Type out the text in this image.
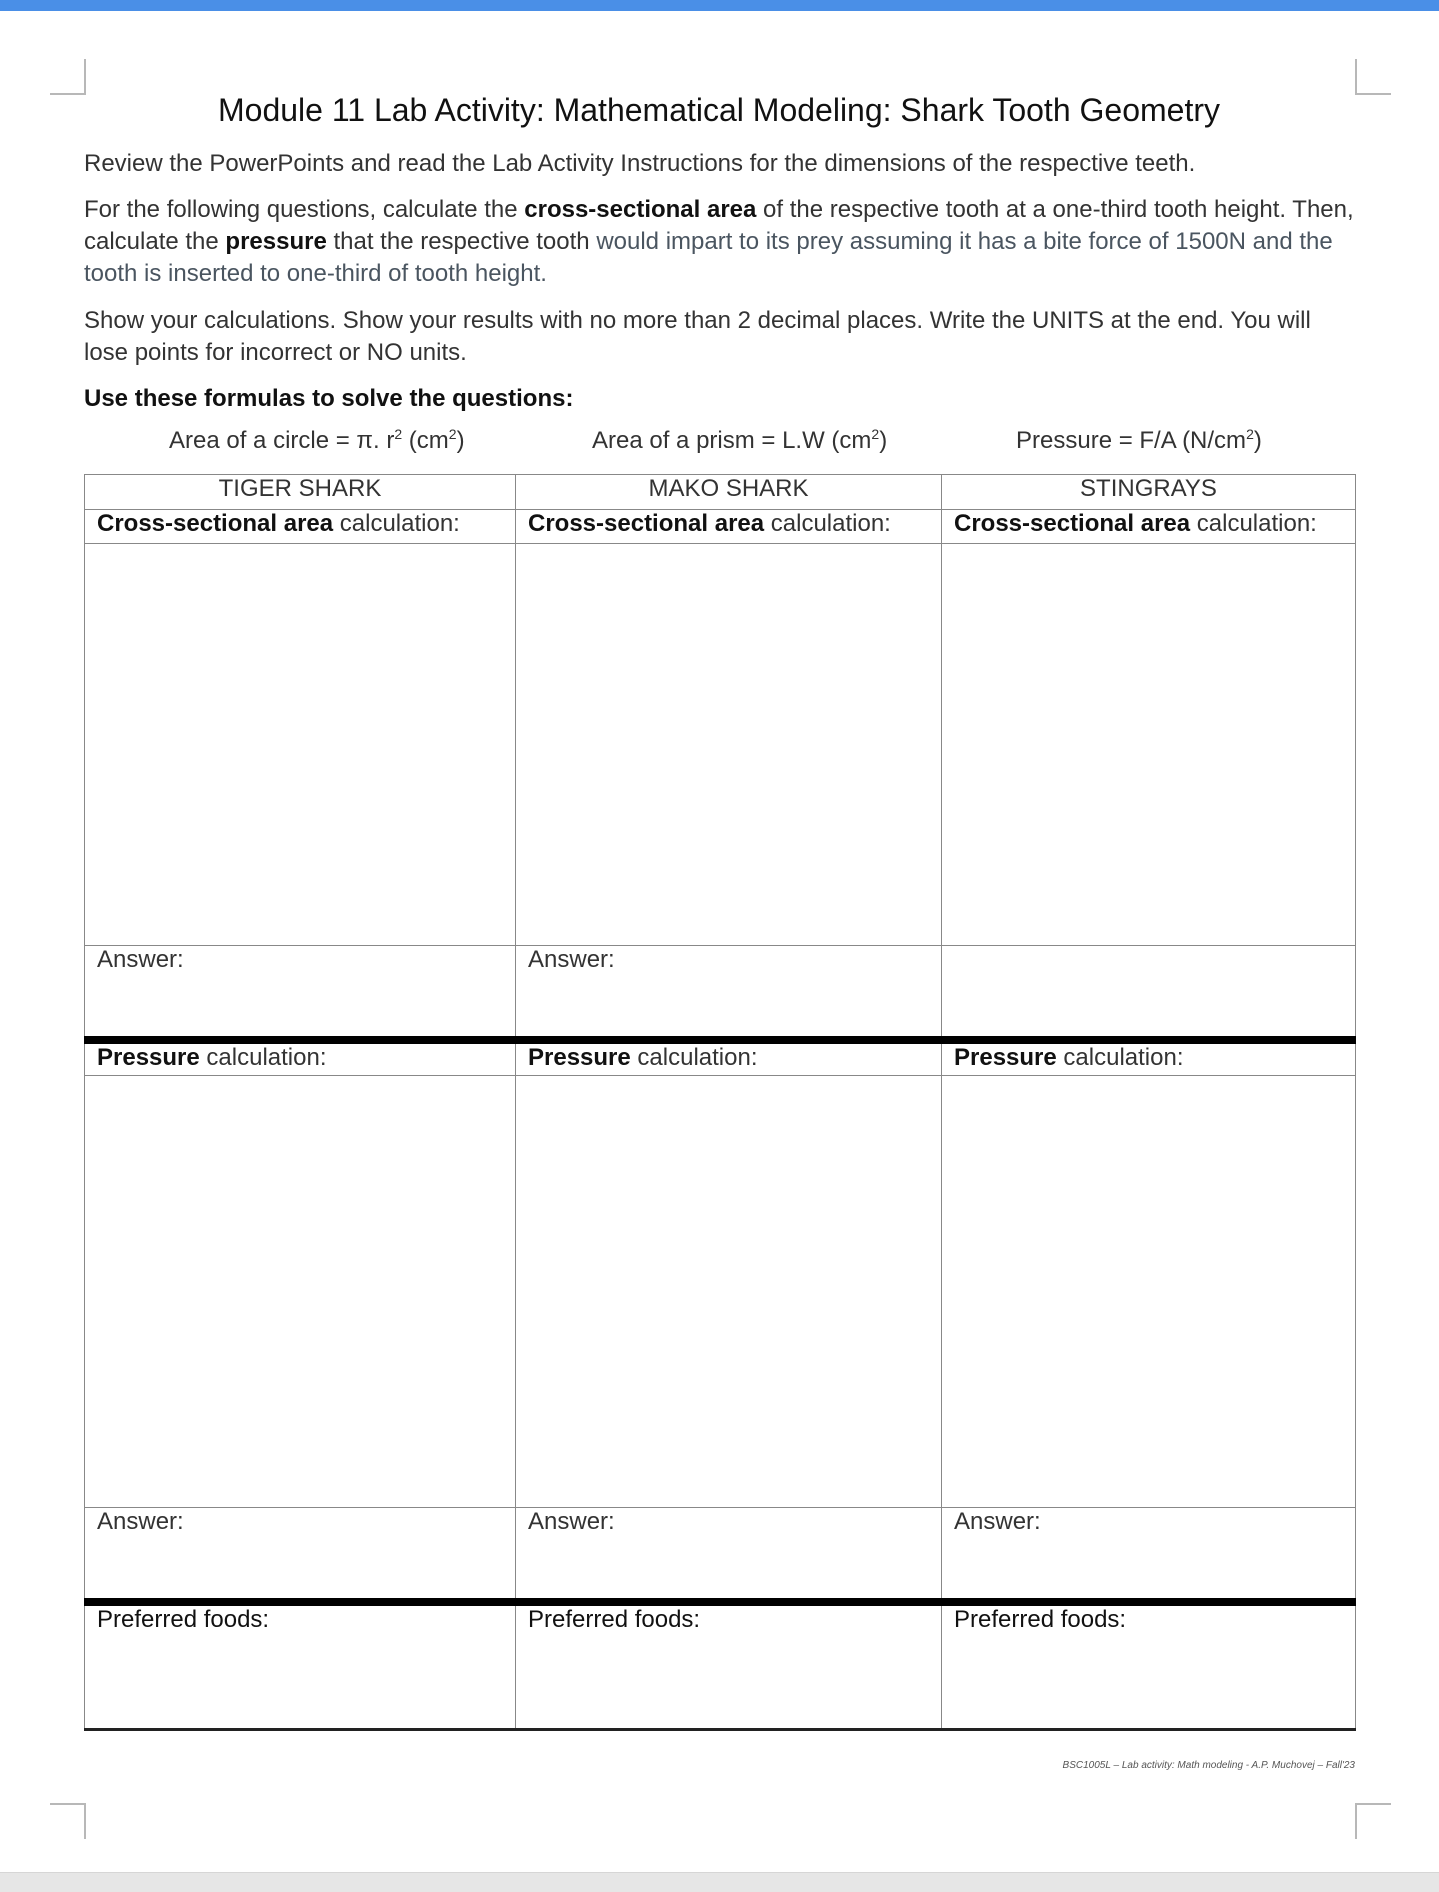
Module 11 Lab Activity: Mathematical Modeling: Shark Tooth Geometry

Review the PowerPoints and read the Lab Activity Instructions for the dimensions of the respective teeth.

For the following questions, calculate the cross-sectional area of the respective tooth at a one-third tooth height. Then, calculate the pressure that the respective tooth would impart to its prey assuming it has a bite force of 1500N and the tooth is inserted to one-third of tooth height.

Show your calculations. Show your results with no more than 2 decimal places. Write the UNITS at the end. You will lose points for incorrect or NO units.

Use these formulas to solve the questions:

Area of a circle = π. $r^2$ $(cm^2)$	Area of a prism = L.W $(cm^2)$	Pressure = F/A $(N/cm^2)$
TIGER SHARK	MAKO SHARK	STINGRAYS
Cross-sectional area calculation:	Cross-sectional area calculation:	Cross-sectional area calculation:

Answer:	Answer:	
Pressure calculation:	Pressure calculation:	Pressure calculation:

Answer:	Answer:	Answer:
Preferred foods:	Preferred foods:	Preferred foods:
BSC1005L – Lab activity: Math modeling - A.P. Muchovej – Fall'23
